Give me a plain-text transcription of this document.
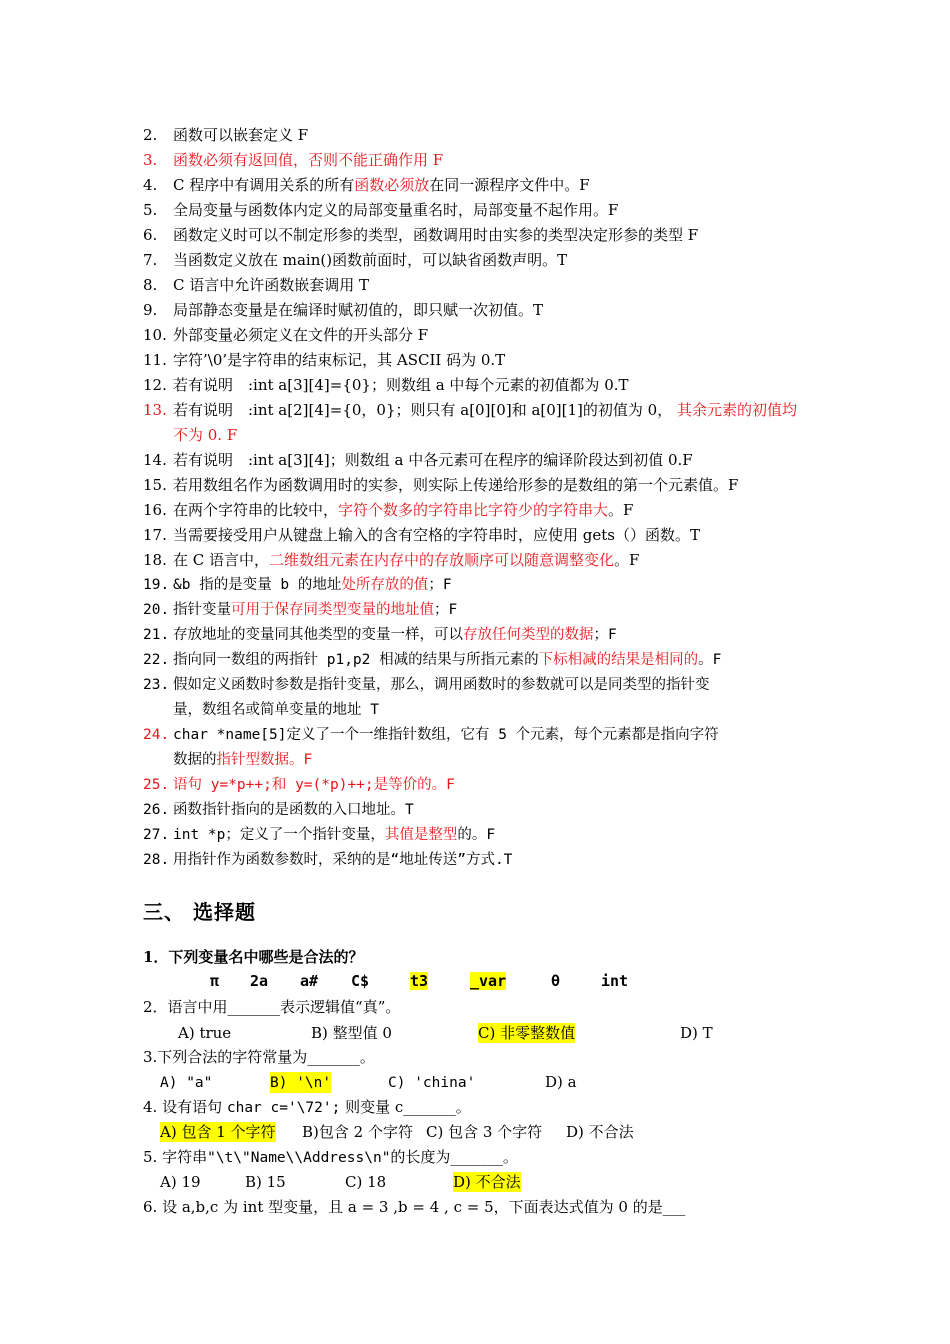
2. 函数可以嵌套定义 F
3. 函数必须有返回值，否则不能正确作用 F
4. C 程序中有调用关系的所有函数必须放在同一源程序文件中。F
5. 全局变量与函数体内定义的局部变量重名时，局部变量不起作用。F
6. 函数定义时可以不制定形参的类型，函数调用时由实参的类型决定形参的类型 F
7. 当函数定义放在 main()函数前面时，可以缺省函数声明。T
8. C 语言中允许函数嵌套调用 T
9. 局部静态变量是在编译时赋初值的，即只赋一次初值。T
10. 外部变量必须定义在文件的开头部分 F
11. 字符’\0’是字符串的结束标记，其 ASCII 码为 0.T
12. 若有说明　:int a[3][4]={0}；则数组 a 中每个元素的初值都为 0.T
13. 若有说明　:int a[2][4]={0，0}；则只有 a[0][0]和 a[0][1]的初值为 0， 其余元素的初值均
不为 0. F
14. 若有说明　:int a[3][4]；则数组 a 中各元素可在程序的编译阶段达到初值 0.F
15. 若用数组名作为函数调用时的实参，则实际上传递给形参的是数组的第一个元素值。F
16. 在两个字符串的比较中，字符个数多的字符串比字符少的字符串大。F
17. 当需要接受用户从键盘上输入的含有空格的字符串时，应使用 gets（）函数。T
18. 在 C 语言中，二维数组元素在内存中的存放顺序可以随意调整变化。F
19. &b 指的是变量 b 的地址处所存放的值；F
20. 指针变量可用于保存同类型变量的地址值；F
21. 存放地址的变量同其他类型的变量一样，可以存放任何类型的数据；F
22. 指向同一数组的两指针 p1,p2 相减的结果与所指元素的下标相减的结果是相同的。F
23. 假如定义函数时参数是指针变量，那么，调用函数时的参数就可以是同类型的指针变
量，数组名或简单变量的地址 T
24. char *name[5]定义了一个一维指针数组，它有 5 个元素，每个元素都是指向字符
数据的指针型数据。F
25. 语句 y=*p++;和 y=(*p)++;是等价的。F
26. 函数指针指向的是函数的入口地址。T
27. int *p；定义了一个指针变量，其值是整型的。F
28. 用指针作为函数参数时，采纳的是“地址传送”方式.T
三、 选择题
1．下列变量名中哪些是合法的？
π 2a a# C$	t3	_var	θ	int
2．语言中用_______表示逻辑值“真”。
A) true	B) 整型值 0	C) 非零整数值	D) T
3.下列合法的字符常量为_______。
A) "a"	B) '\n'	C) 'china'	D) a
4. 设有语句 char c='\72'; 则变量 c_______。
A) 包含 1 个字符 B)包含 2 个字符 C) 包含 3 个字符 D) 不合法
5. 字符串"\t\"Name\\Address\n"的长度为_______。
A) 19	B) 15	C) 18	D) 不合法
6. 设 a,b,c 为 int 型变量，且 a = 3 ,b = 4 , c = 5，下面表达式值为 0 的是___
